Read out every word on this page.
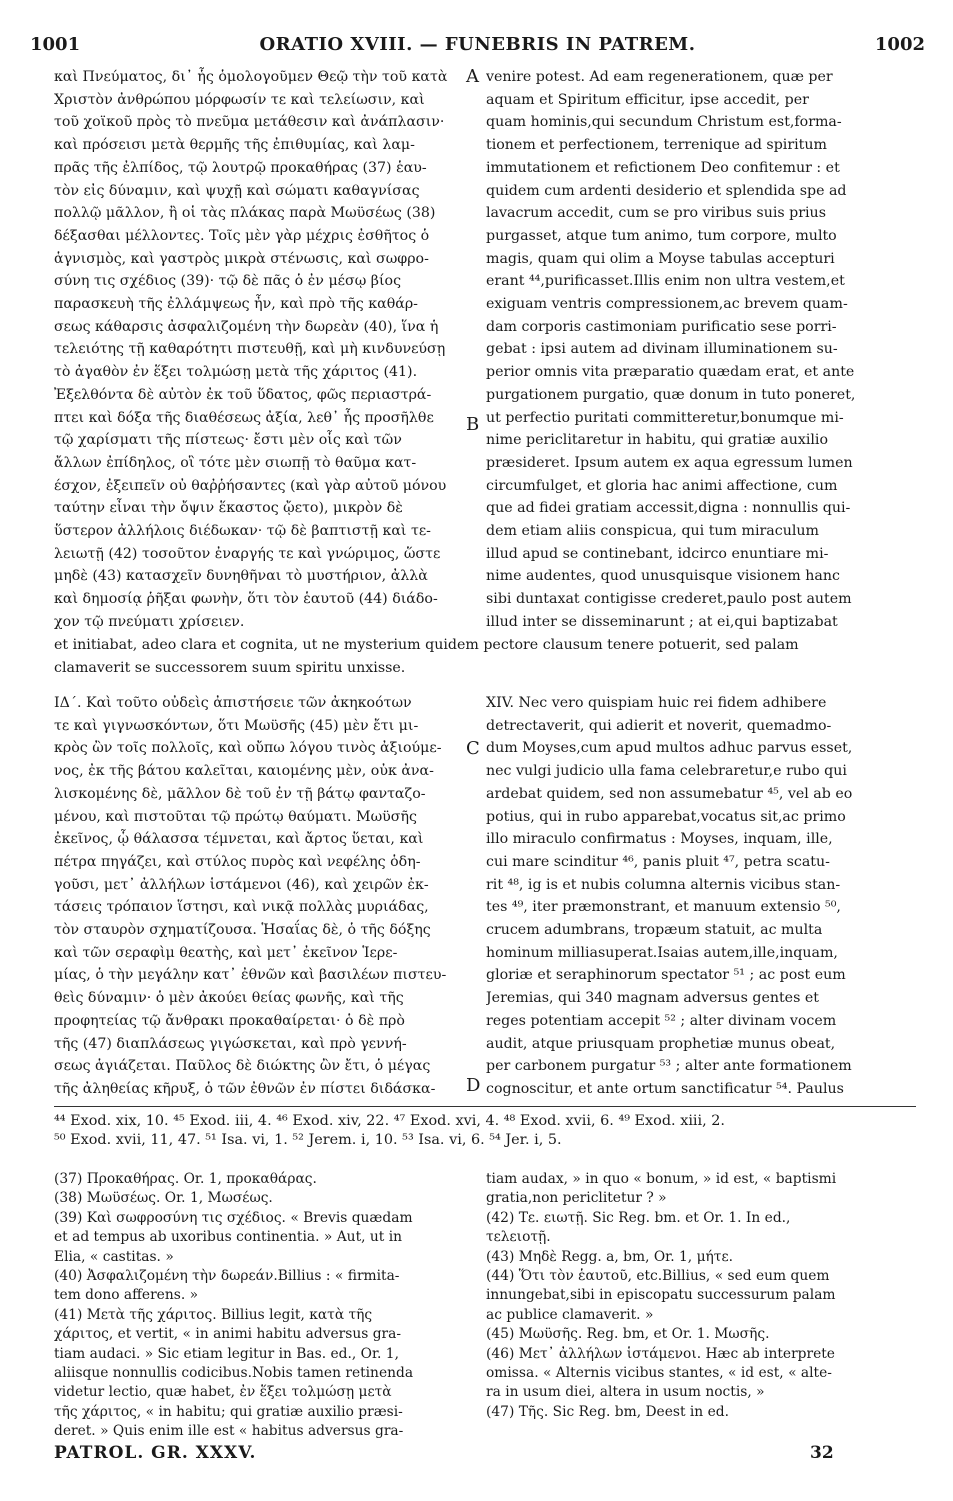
1001	ORATIO XVIII. — FUNEBRIS IN PATREM.	1002
καὶ Πνεύματος, δι᾿ ἧς ὁμολογοῦμεν Θεῷ τὴν τοῦ κατὰ
Χριστὸν ἀνθρώπου μόρφωσίν τε καὶ τελείωσιν, καὶ
τοῦ χοϊκοῦ πρὸς τὸ πνεῦμα μετάθεσιν καὶ ἀνάπλασιν·
καὶ πρόσεισι μετὰ θερμῆς τῆς ἐπιθυμίας, καὶ λαμ-
πρᾶς τῆς ἐλπίδος, τῷ λουτρῷ προκαθήρας (37) ἑαυ-
τὸν εἰς δύναμιν, καὶ ψυχῇ καὶ σώματι καθαγνίσας
πολλῷ μᾶλλον, ἢ οἱ τὰς πλάκας παρὰ Μωϋσέως (38)
δέξασθαι μέλλοντες. Τοῖς μὲν γὰρ μέχρις ἐσθῆτος ὁ
ἁγνισμὸς, καὶ γαστρὸς μικρὰ στένωσις, καὶ σωφρο-
σύνη τις σχέδιος (39)· τῷ δὲ πᾶς ὁ ἐν μέσῳ βίος
παρασκευὴ τῆς ἐλλάμψεως ἦν, καὶ πρὸ τῆς καθάρ-
σεως κάθαρσις ἀσφαλιζομένη τὴν δωρεὰν (40), ἵνα ἡ
τελειότης τῇ καθαρότητι πιστευθῇ, καὶ μὴ κινδυνεύσῃ
τὸ ἀγαθὸν ἐν ἕξει τολμώσῃ μετὰ τῆς χάριτος (41).
Ἐξελθόντα δὲ αὐτὸν ἐκ τοῦ ὕδατος, φῶς περιαστρά-
πτει καὶ δόξα τῆς διαθέσεως ἀξία, λεθ᾿ ἧς προσῆλθε
τῷ χαρίσματι τῆς πίστεως· ἔστι μὲν οἷς καὶ τῶν
ἄλλων ἐπίδηλος, οἳ τότε μὲν σιωπῇ τὸ θαῦμα κατ-
έσχον, ἐξειπεῖν οὐ θαῤῥήσαντες (καὶ γὰρ αὐτοῦ μόνου
ταύτην εἶναι τὴν ὄψιν ἕκαστος ᾤετο), μικρὸν δὲ
ὕστερον ἀλλήλοις διέδωκαν· τῷ δὲ βαπτιστῇ καὶ τε-
λειωτῇ (42) τοσοῦτον ἐναργής τε καὶ γνώριμος, ὥστε
μηδὲ (43) κατασχεῖν δυνηθῆναι τὸ μυστήριον, ἀλλὰ
καὶ δημοσίᾳ ῥῆξαι φωνὴν, ὅτι τὸν ἑαυτοῦ (44) διάδο-
χον τῷ πνεύματι χρίσειεν.
venire potest. Ad eam regenerationem, quæ per
aquam et Spiritum efficitur, ipse accedit, per
quam hominis,qui secundum Christum est,forma-
tionem et perfectionem, terrenique ad spiritum
immutationem et refictionem Deo confitemur : et
quidem cum ardenti desiderio et splendida spe ad
lavacrum accedit, cum se pro viribus suis prius
purgasset, atque tum animo, tum corpore, multo
magis, quam qui olim a Moyse tabulas accepturi
erant ⁴⁴,purificasset.Illis enim non ultra vestem,et
exiguam ventris compressionem,ac brevem quam-
dam corporis castimoniam purificatio sese porri-
gebat : ipsi autem ad divinam illuminationem su-
perior omnis vita præparatio quædam erat, et ante
purgationem purgatio, quæ donum in tuto poneret,
ut perfectio puritati committeretur,bonumque mi-
nime periclitaretur in habitu, qui gratiæ auxilio
præsideret. Ipsum autem ex aqua egressum lumen
circumfulget, et gloria hac animi affectione, cum
que ad fidei gratiam accessit,digna : nonnullis qui-
dem etiam aliis conspicua, qui tum miraculum
illud apud se continebant, idcirco enuntiare mi-
nime audentes, quod unusquisque visionem hanc
sibi duntaxat contigisse crederet,paulo post autem
illud inter se disseminarunt ; at ei,qui baptizabat
A
B
et initiabat, adeo clara et cognita, ut ne mysterium quidem pectore clausum tenere potuerit, sed palam
clamaverit se successorem suum spiritu unxisse.
ΙΔ΄. Καὶ τοῦτο οὐδεὶς ἀπιστήσειε τῶν ἀκηκοότων
τε καὶ γιγνωσκόντων, ὅτι Μωϋσῆς (45) μὲν ἔτι μι-
κρὸς ὢν τοῖς πολλοῖς, καὶ οὔπω λόγου τινὸς ἀξιούμε-
νος, ἐκ τῆς βάτου καλεῖται, καιομένης μὲν, οὐκ ἀνα-
λισκομένης δὲ, μᾶλλον δὲ τοῦ ἐν τῇ βάτῳ φανταζο-
μένου, καὶ πιστοῦται τῷ πρώτῳ θαύματι. Μωϋσῆς
ἐκεῖνος, ᾧ θάλασσα τέμνεται, καὶ ἄρτος ὕεται, καὶ
πέτρα πηγάζει, καὶ στύλος πυρὸς καὶ νεφέλης ὁδη-
γοῦσι, μετ᾿ ἀλλήλων ἱστάμενοι (46), καὶ χειρῶν ἐκ-
τάσεις τρόπαιον ἵστησι, καὶ νικᾷ πολλὰς μυριάδας,
τὸν σταυρὸν σχηματίζουσα. Ἡσαΐας δὲ, ὁ τῆς δόξης
καὶ τῶν σεραφὶμ θεατὴς, καὶ μετ᾿ ἐκεῖνον Ἱερε-
μίας, ὁ τὴν μεγάλην κατ᾿ ἐθνῶν καὶ βασιλέων πιστευ-
θεὶς δύναμιν· ὁ μὲν ἀκούει θείας φωνῆς, καὶ τῆς
προφητείας τῷ ἄνθρακι προκαθαίρεται· ὁ δὲ πρὸ
τῆς (47) διαπλάσεως γιγώσκεται, καὶ πρὸ γεννή-
σεως ἁγιάζεται. Παῦλος δὲ διώκτης ὢν ἔτι, ὁ μέγας
τῆς ἀληθείας κῆρυξ, ὁ τῶν ἐθνῶν ἐν πίστει διδάσκα-
XIV. Nec vero quispiam huic rei fidem adhibere
detrectaverit, qui adierit et noverit, quemadmo-
dum Moyses,cum apud multos adhuc parvus esset,
nec vulgi judicio ulla fama celebraretur,e rubo qui
ardebat quidem, sed non assumebatur ⁴⁵, vel ab eo
potius, qui in rubo apparebat,vocatus sit,ac primo
illo miraculo confirmatus : Moyses, inquam, ille,
cui mare scinditur ⁴⁶, panis pluit ⁴⁷, petra scatu-
rit ⁴⁸, ig is et nubis columna alternis vicibus stan-
tes ⁴⁹, iter præmonstrant, et manuum extensio ⁵⁰,
crucem adumbrans, tropæum statuit, ac multa
hominum milliasuperat.Isaias autem,ille,inquam,
gloriæ et seraphinorum spectator ⁵¹ ; ac post eum
Jeremias, qui 340 magnam adversus gentes et
reges potentiam accepit ⁵² ; alter divinam vocem
audit, atque priusquam prophetiæ munus obeat,
per carbonem purgatur ⁵³ ; alter ante formationem
cognoscitur, et ante ortum sanctificatur ⁵⁴. Paulus
C
D
⁴⁴ Exod. xix, 10. ⁴⁵ Exod. iii, 4. ⁴⁶ Exod. xiv, 22. ⁴⁷ Exod. xvi, 4. ⁴⁸ Exod. xvii, 6. ⁴⁹ Exod. xiii, 2.
⁵⁰ Exod. xvii, 11, 47. ⁵¹ Isa. vi, 1. ⁵² Jerem. i, 10. ⁵³ Isa. vi, 6. ⁵⁴ Jer. i, 5.
(37) Προκαθήρας. Or. 1, προκαθάρας.
(38) Μωϋσέως. Or. 1, Μωσέως.
(39) Καὶ σωφροσύνη τις σχέδιος. « Brevis quædam
et ad tempus ab uxoribus continentia. » Aut, ut in
Elia, « castitas. »
(40) Ἀσφαλιζομένη τὴν δωρεάν.Billius : « firmita-
tem dono afferens. »
(41) Μετὰ τῆς χάριτος. Billius legit, κατὰ τῆς
χάριτος, et vertit, « in animi habitu adversus gra-
tiam audaci. » Sic etiam legitur in Bas. ed., Or. 1,
aliisque nonnullis codicibus.Nobis tamen retinenda
videtur lectio, quæ habet, ἐν ἕξει τολμώσῃ μετὰ
τῆς χάριτος, « in habitu; qui gratiæ auxilio præsi-
deret. » Quis enim ille est « habitus adversus gra-
tiam audax, » in quo « bonum, » id est, « baptismi
gratia,non periclitetur ? »
(42) Τε. ειωτῇ. Sic Reg. bm. et Or. 1. In ed.,
τελειοτῇ.
(43) Μηδὲ Regg. a, bm, Or. 1, μήτε.
(44) Ὅτι τὸν ἑαυτοῦ, etc.Billius, « sed eum quem
innungebat,sibi in episcopatu successurum palam
ac publice clamaverit. »
(45) Μωϋσῆς. Reg. bm, et Or. 1. Μωσῆς.
(46) Μετ᾿ ἀλλήλων ἱστάμενοι. Hæc ab interprete
omissa. « Alternis vicibus stantes, « id est, « alte-
ra in usum diei, altera in usum noctis, »
(47) Τῆς. Sic Reg. bm, Deest in ed.
PATROL. GR. XXXV.	32
